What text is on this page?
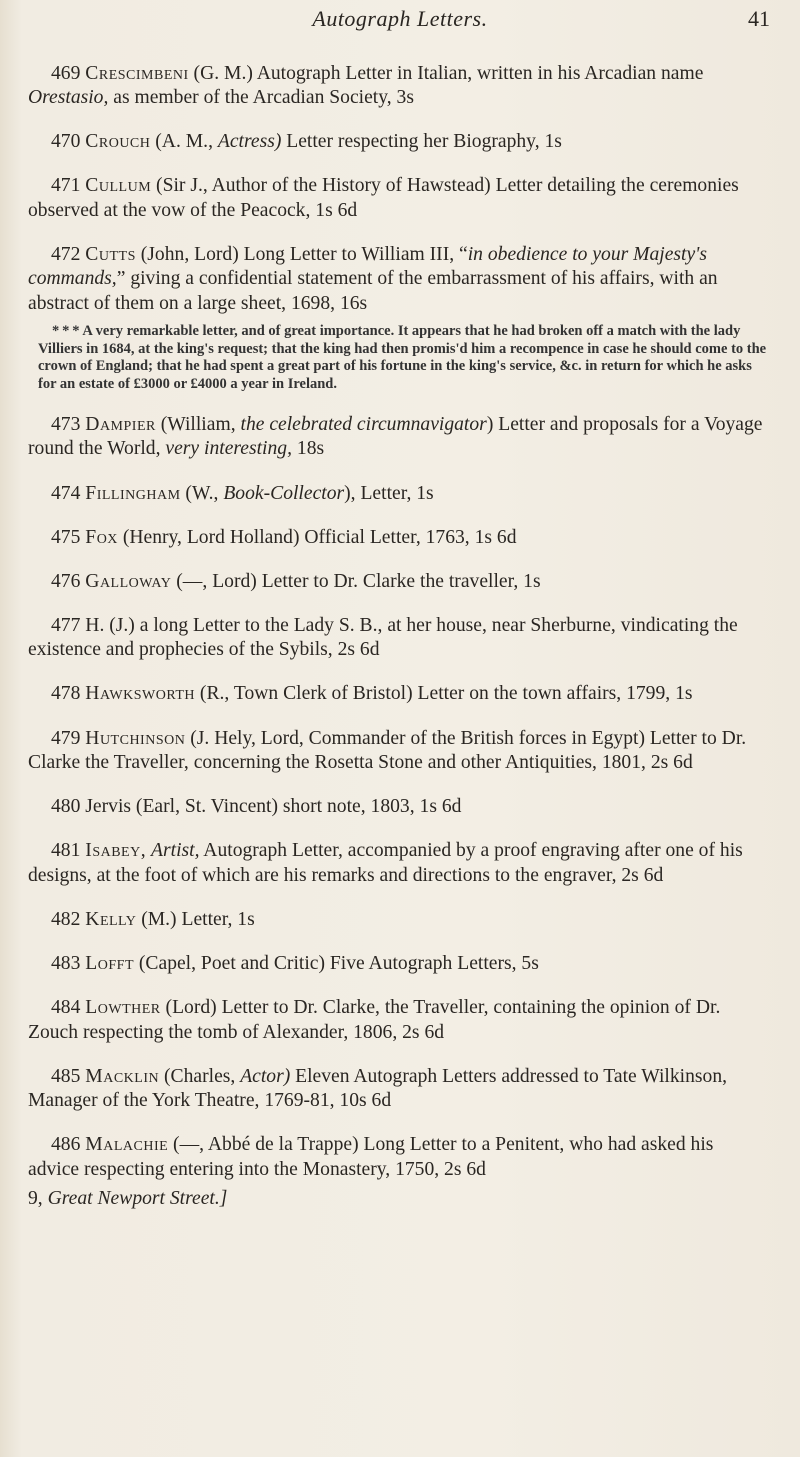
Autograph Letters.	41

469 Crescimbeni (G. M.) Autograph Letter in Italian, written in his Arcadian name Orestasio, as member of the Arcadian Society, 3s

470 Crouch (A. M., Actress) Letter respecting her Biography, 1s

471 Cullum (Sir J., Author of the History of Hawstead) Letter detailing the ceremonies observed at the vow of the Peacock, 1s 6d

472 Cutts (John, Lord) Long Letter to William III, “in obedience to your Majesty's commands,” giving a confidential statement of the embarrassment of his affairs, with an abstract of them on a large sheet, 1698, 16s

* * * A very remarkable letter, and of great importance. It appears that he had broken off a match with the lady Villiers in 1684, at the king's request; that the king had then promis'd him a recompence in case he should come to the crown of England; that he had spent a great part of his fortune in the king's service, &c. in return for which he asks for an estate of £3000 or £4000 a year in Ireland.

473 Dampier (William, the celebrated circumnavigator) Letter and proposals for a Voyage round the World, very interesting, 18s

474 Fillingham (W., Book-Collector), Letter, 1s

475 Fox (Henry, Lord Holland) Official Letter, 1763, 1s 6d

476 Galloway (—, Lord) Letter to Dr. Clarke the traveller, 1s

477 H. (J.) a long Letter to the Lady S. B., at her house, near Sherburne, vindicating the existence and prophecies of the Sybils, 2s 6d

478 Hawksworth (R., Town Clerk of Bristol) Letter on the town affairs, 1799, 1s

479 Hutchinson (J. Hely, Lord, Commander of the British forces in Egypt) Letter to Dr. Clarke the Traveller, concerning the Rosetta Stone and other Antiquities, 1801, 2s 6d

480 Jervis (Earl, St. Vincent) short note, 1803, 1s 6d

481 Isabey, Artist, Autograph Letter, accompanied by a proof engraving after one of his designs, at the foot of which are his remarks and directions to the engraver, 2s 6d

482 Kelly (M.) Letter, 1s

483 Lofft (Capel, Poet and Critic) Five Autograph Letters, 5s

484 Lowther (Lord) Letter to Dr. Clarke, the Traveller, containing the opinion of Dr. Zouch respecting the tomb of Alexander, 1806, 2s 6d

485 Macklin (Charles, Actor) Eleven Autograph Letters addressed to Tate Wilkinson, Manager of the York Theatre, 1769-81, 10s 6d

486 Malachie (—, Abbé de la Trappe) Long Letter to a Penitent, who had asked his advice respecting entering into the Monastery, 1750, 2s 6d

9, Great Newport Street.]
